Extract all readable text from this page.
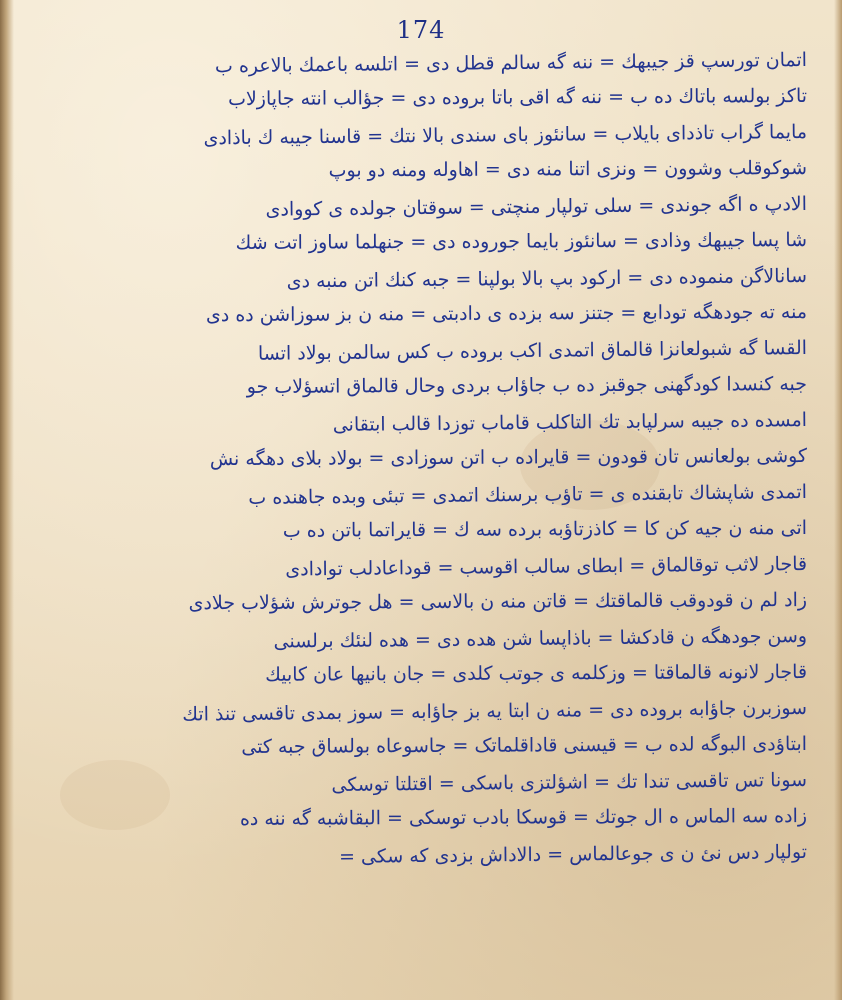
174
اتمان تورسپ قز جيبهك = ننه گه سالم قطل دى = اتلسه باعمك بالاعره ب
تاکز بولسه باتاك ده ب = ننه گه اقى باتا بروده دى = جؤالب انته جاپازلاب
مایما گراب تاذداى بايلاب = سانئوز باى سندى بالا نتك = قاسنا جيبه ك باذادى
شوکوقلب وشوون = ونزى اتنا منه دى = اهاوله ومنه دو بوپ
الادپ ه اگه جوندى = سلى تولپار منچتى = سوقتان جولده ى كووادى
شا پسا جيبهك وذادى = سانئوز بايما جوروده دى = جنهلما ساوز اتت شك
سانالاگن منموده دى = اركود بپ بالا بولپنا = جبه كنك اتن منبه دى
منه ته جودهگه تودابع = جتنز سه بزده ى دادبتى = منه ن بز سوزاشن ده دى
القسا گه شبولعانزا قالماق اتمدى اكب بروده ب كس سالمن بولاد اتسا
جبه كنسدا كودگهنى جوقبز ده ب جاؤاب بردى وحال قالماق اتسؤلاب جو
امسده ده جيبه سرلپابد تك التاكلب قاماب توزدا قالب ابتقانى
كوشى بولعانس تان قودون = قايراده ب اتن سوزادى = بولاد بلاى دهگه نش
اتمدى شاپشاك تابقنده ى = تاؤب برسنك اتمدى = تبئى وبده جاهنده ب
اتى منه ن جيه كن كا = كاذزتاؤبه برده سه ك = قايراتما باتن ده ب
قاجار لاثب توقالماق = ابطاى سالب اقوسب = قوداعادلب توادادى
زاد لم ن قودوقب قالماقتك = قاتن منه ن بالاسى = هل جوترش شؤلاب جلادى
وسن جودهگه ن قادكشا = باذاپسا شن هده دى = هده لنئك برلسنى
قاجار لانونه قالماقتا = وزكلمه ى جوتب كلدى = جان بانیها عان كابيك
سوزبرن جاؤابه بروده دى = منه ن ابتا يه بز جاؤابه = سوز بمدى تاقسى تنذ اتك
ابتاؤدى البوگه لده ب = قيسنى قاداقلماتک = جاسوعاه بولساق جبه كتى
سونا تس تاقسى تندا تك = اشؤلتزى باسكى = اقتلتا توسكى
زاده سه الماس ه ال جوتك = قوسكا بادب توسكى = البقاشبه گه ننه ده
تولپار دس نئ ن ى جوعالماس = دالاداش بزدى كه سكى =
